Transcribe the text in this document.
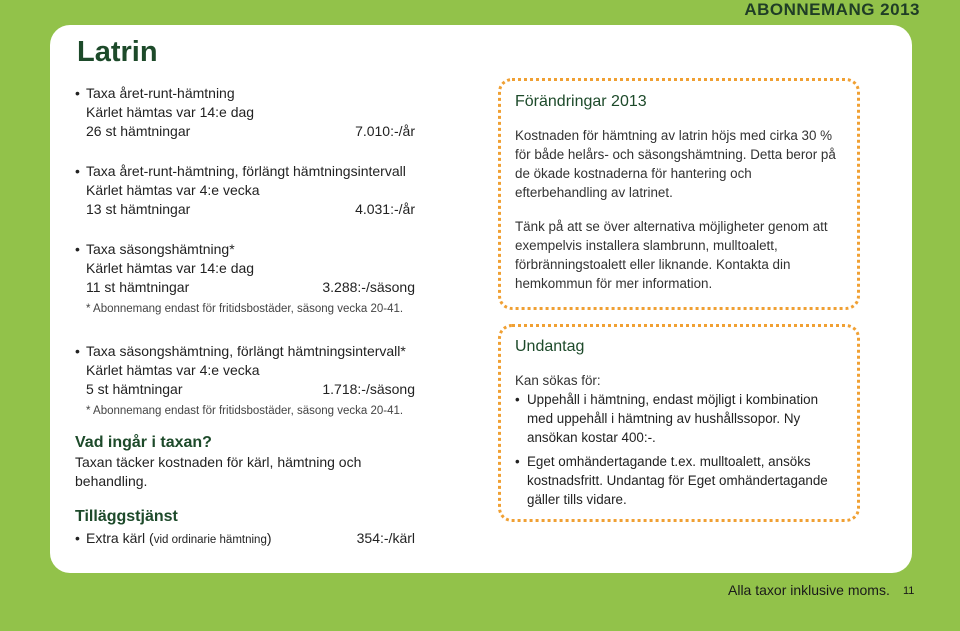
ABONNEMANG 2013
Latrin
• Taxa året-runt-hämtning
Kärlet hämtas var 14:e dag
26 st hämtningar	7.010:-/år
• Taxa året-runt-hämtning, förlängt hämtningsintervall
Kärlet hämtas var 4:e vecka
13 st hämtningar	4.031:-/år
• Taxa säsongshämtning*
Kärlet hämtas var 14:e dag
11 st hämtningar	3.288:-/säsong
* Abonnemang endast för fritidsbostäder, säsong vecka 20-41.
• Taxa säsongshämtning, förlängt hämtningsintervall*
Kärlet hämtas var 4:e vecka
5 st hämtningar	1.718:-/säsong
* Abonnemang endast för fritidsbostäder, säsong vecka 20-41.
Vad ingår i taxan?
Taxan täcker kostnaden för kärl, hämtning och behandling.
Tilläggstjänst
• Extra kärl (vid ordinarie hämtning)	354:-/kärl
Förändringar 2013

Kostnaden för hämtning av latrin höjs med cirka 30 % för både helårs- och säsongshämtning. Detta beror på de ökade kostnaderna för hantering och efterbehandling av latrinet.

Tänk på att se över alternativa möjligheter genom att exempelvis installera slambrunn, mulltoalett, förbränningstoalett eller liknande. Kontakta din hemkommun för mer information.

Undantag
Kan sökas för:
• Uppehåll i hämtning, endast möjligt i kombination med uppehåll i hämtning av hushållssopor. Ny ansökan kostar 400:-.
• Eget omhändertagande t.ex. mulltoalett, ansöks kostnadsfritt. Undantag för Eget omhändertagande gäller tills vidare.
Alla taxor inklusive moms. 11
